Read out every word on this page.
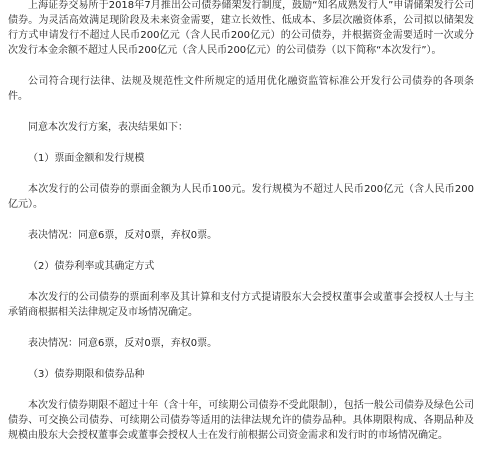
上海证券交易所于2018年7月推出公司债券储架发行制度，鼓励“知名成熟发行人”申请储架发行公司债券。为灵活高效满足现阶段及未来资金需要，建立长效性、低成本、多层次融资体系，公司拟以储架发行方式申请发行不超过人民币200亿元（含人民币200亿元）的公司债券，并根据资金需要适时一次或分次发行本金余额不超过人民币200亿元（含人民币200亿元）的公司债券（以下简称“本次发行”）。

公司符合现行法律、法规及规范性文件所规定的适用优化融资监管标准公开发行公司债券的各项条件。

同意本次发行方案，表决结果如下：

（1）票面金额和发行规模

本次发行的公司债券的票面金额为人民币100元。发行规模为不超过人民币200亿元（含人民币200亿元）。

表决情况：同意6票，反对0票，弃权0票。

（2）债券利率或其确定方式

本次发行的公司债券的票面利率及其计算和支付方式提请股东大会授权董事会或董事会授权人士与主承销商根据相关法律规定及市场情况确定。

表决情况：同意6票，反对0票，弃权0票。

（3）债券期限和债券品种

本次发行债券期限不超过十年（含十年，可续期公司债券不受此限制），包括一般公司债券及绿色公司债券、可交换公司债券、可续期公司债券等适用的法律法规允许的债券品种。具体期限构成、各期品种及规模由股东大会授权董事会或董事会授权人士在发行前根据公司资金需求和发行时的市场情况确定。
